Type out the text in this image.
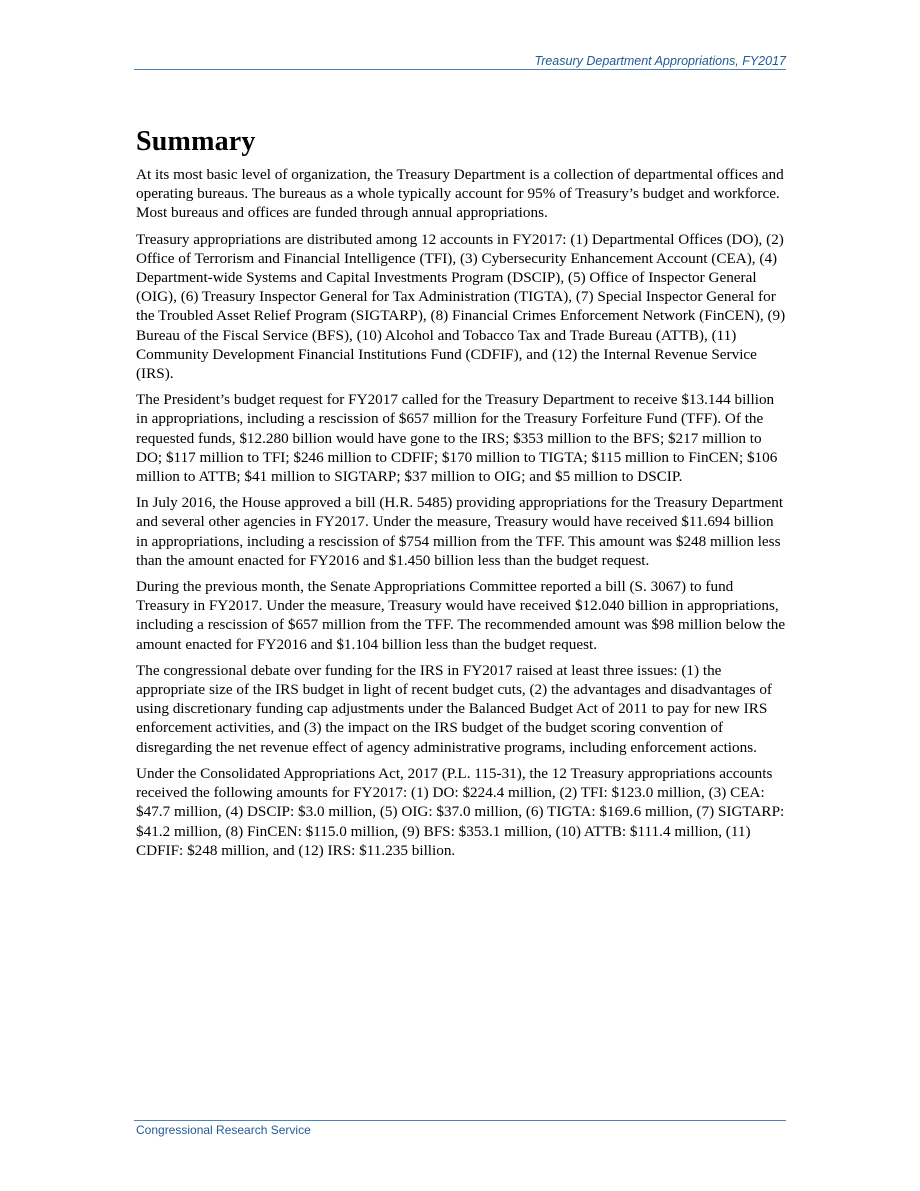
Treasury Department Appropriations, FY2017
Summary

At its most basic level of organization, the Treasury Department is a collection of departmental offices and operating bureaus. The bureaus as a whole typically account for 95% of Treasury’s budget and workforce. Most bureaus and offices are funded through annual appropriations.

Treasury appropriations are distributed among 12 accounts in FY2017: (1) Departmental Offices (DO), (2) Office of Terrorism and Financial Intelligence (TFI), (3) Cybersecurity Enhancement Account (CEA), (4) Department-wide Systems and Capital Investments Program (DSCIP), (5) Office of Inspector General (OIG), (6) Treasury Inspector General for Tax Administration (TIGTA), (7) Special Inspector General for the Troubled Asset Relief Program (SIGTARP), (8) Financial Crimes Enforcement Network (FinCEN), (9) Bureau of the Fiscal Service (BFS), (10) Alcohol and Tobacco Tax and Trade Bureau (ATTB), (11) Community Development Financial Institutions Fund (CDFIF), and (12) the Internal Revenue Service (IRS).

The President’s budget request for FY2017 called for the Treasury Department to receive $13.144 billion in appropriations, including a rescission of $657 million for the Treasury Forfeiture Fund (TFF). Of the requested funds, $12.280 billion would have gone to the IRS; $353 million to the BFS; $217 million to DO; $117 million to TFI; $246 million to CDFIF; $170 million to TIGTA; $115 million to FinCEN; $106 million to ATTB; $41 million to SIGTARP; $37 million to OIG; and $5 million to DSCIP.

In July 2016, the House approved a bill (H.R. 5485) providing appropriations for the Treasury Department and several other agencies in FY2017. Under the measure, Treasury would have received $11.694 billion in appropriations, including a rescission of $754 million from the TFF. This amount was $248 million less than the amount enacted for FY2016 and $1.450 billion less than the budget request.

During the previous month, the Senate Appropriations Committee reported a bill (S. 3067) to fund Treasury in FY2017. Under the measure, Treasury would have received $12.040 billion in appropriations, including a rescission of $657 million from the TFF. The recommended amount was $98 million below the amount enacted for FY2016 and $1.104 billion less than the budget request.

The congressional debate over funding for the IRS in FY2017 raised at least three issues: (1) the appropriate size of the IRS budget in light of recent budget cuts, (2) the advantages and disadvantages of using discretionary funding cap adjustments under the Balanced Budget Act of 2011 to pay for new IRS enforcement activities, and (3) the impact on the IRS budget of the budget scoring convention of disregarding the net revenue effect of agency administrative programs, including enforcement actions.

Under the Consolidated Appropriations Act, 2017 (P.L. 115-31), the 12 Treasury appropriations accounts received the following amounts for FY2017: (1) DO: $224.4 million, (2) TFI: $123.0 million, (3) CEA: $47.7 million, (4) DSCIP: $3.0 million, (5) OIG: $37.0 million, (6) TIGTA: $169.6 million, (7) SIGTARP: $41.2 million, (8) FinCEN: $115.0 million, (9) BFS: $353.1 million, (10) ATTB: $111.4 million, (11) CDFIF: $248 million, and (12) IRS: $11.235 billion.

Congressional Research Service
